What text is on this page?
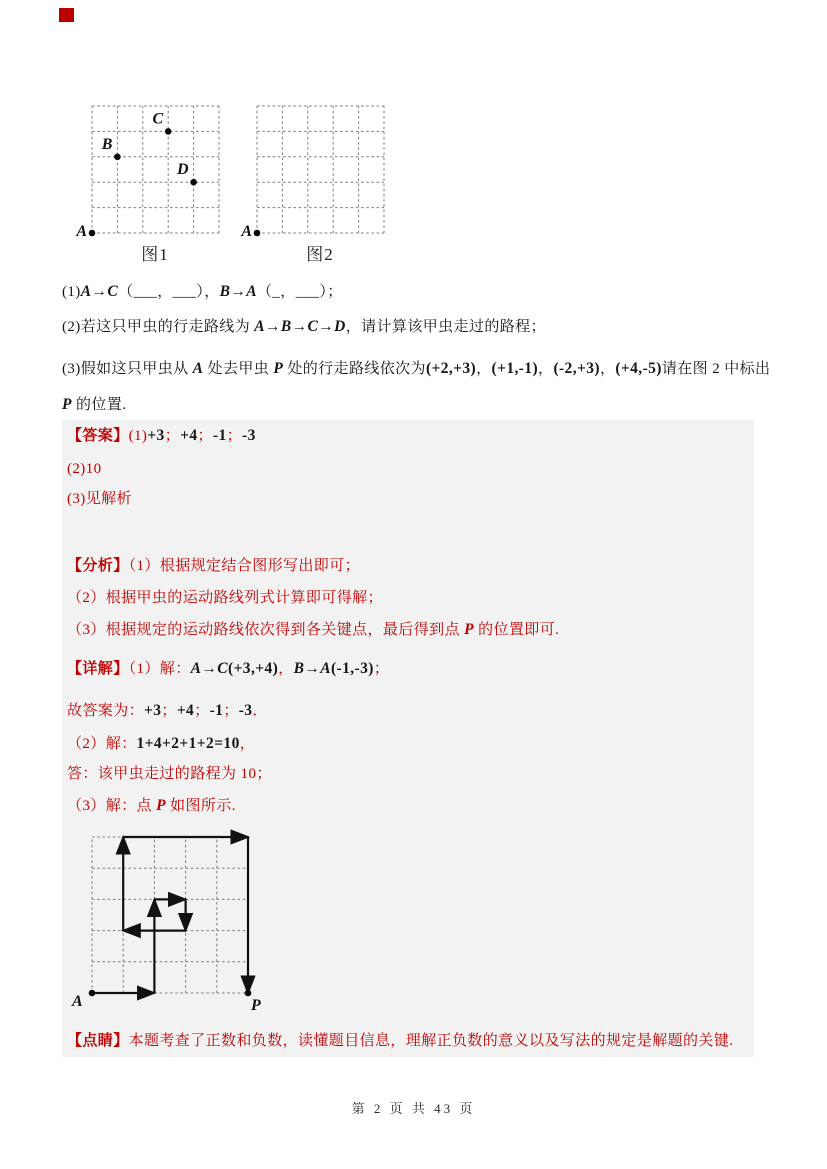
A
B
C
D
图1
A
图2

(1)A→C（___，___），B→A（_，___）；

(2)若这只甲虫的行走路线为 A→B→C→D，请计算该甲虫走过的路程；

(3)假如这只甲虫从 A 处去甲虫 P 处的行走路线依次为(+2,+3)，(+1,-1)，(-2,+3)，(+4,-5)请在图 2 中标出 P 的位置.

【答案】(1)+3；+4；-1；-3

(2)10

(3)见解析

【分析】（1）根据规定结合图形写出即可；

（2）根据甲虫的运动路线列式计算即可得解；

（3）根据规定的运动路线依次得到各关键点，最后得到点 P 的位置即可.

【详解】（1）解：A→C(+3,+4)，B→A(-1,-3)；

故答案为：+3；+4；-1；-3．

（2）解：1+4+2+1+2=10，

答：该甲虫走过的路程为 10；

（3）解：点 P 如图所示.

A	P

【点睛】本题考查了正数和负数，读懂题目信息，理解正负数的意义以及写法的规定是解题的关键.

第 2 页 共 43 页
